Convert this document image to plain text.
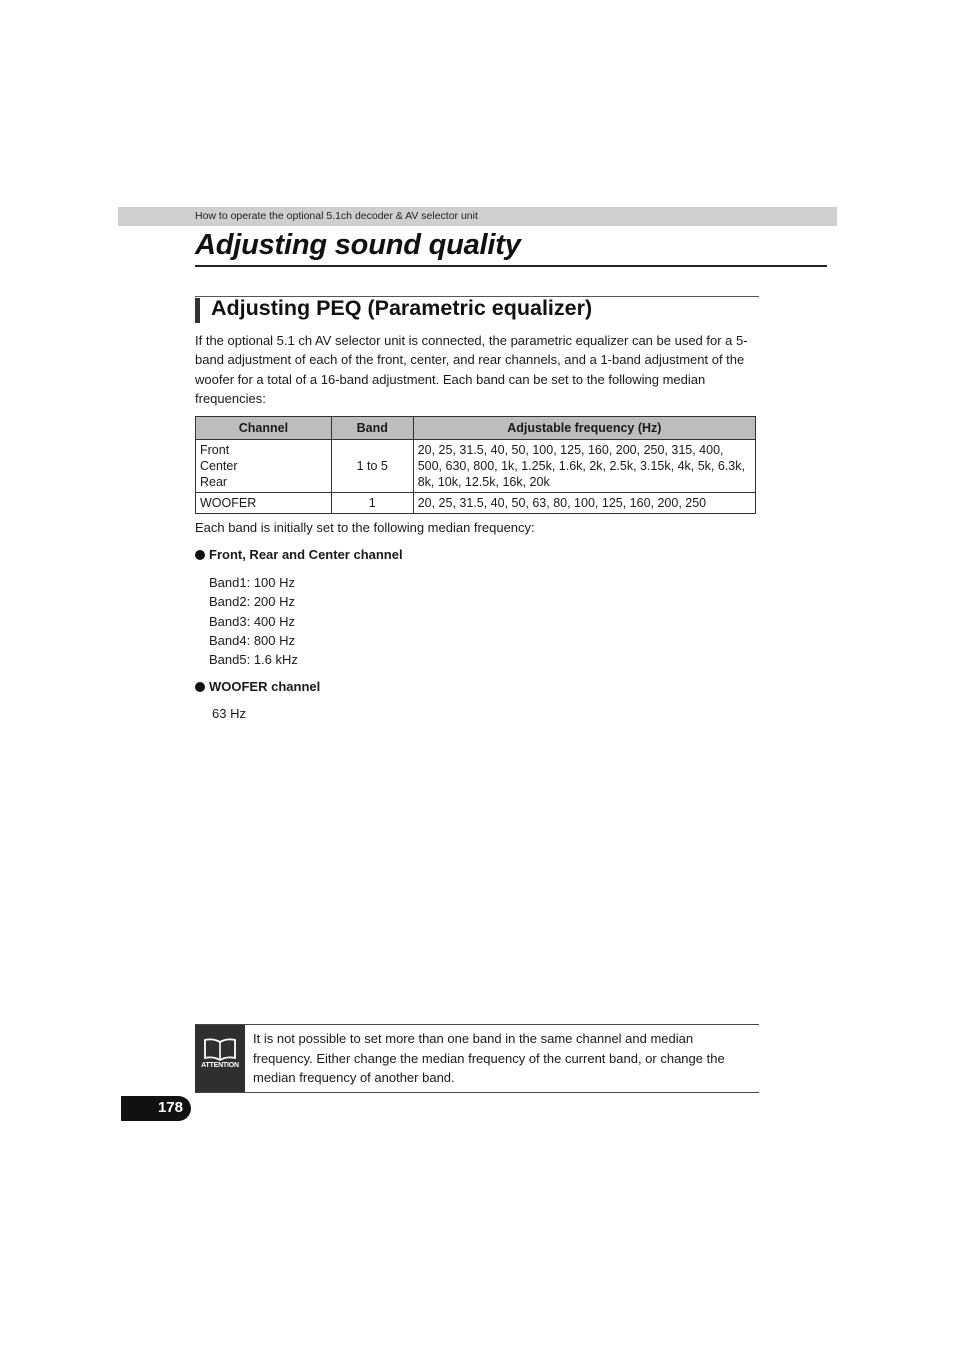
How to operate the optional 5.1ch decoder & AV selector unit
Adjusting sound quality
Adjusting PEQ (Parametric equalizer)

If the optional 5.1 ch AV selector unit is connected, the parametric equalizer can be used for a 5-band adjustment of each of the front, center, and rear channels, and a 1-band adjustment of the woofer for a total of a 16-band adjustment. Each band can be set to the following median frequencies:

Channel	Band	Adjustable frequency (Hz)

Front
Center
Rear	1 to 5	20, 25, 31.5, 40, 50, 100, 125, 160, 200, 250, 315, 400,
500, 630, 800, 1k, 1.25k, 1.6k, 2k, 2.5k, 3.15k, 4k, 5k, 6.3k,
8k, 10k, 12.5k, 16k, 20k

WOOFER	1	20, 25, 31.5, 40, 50, 63, 80, 100, 125, 160, 200, 250

Each band is initially set to the following median frequency:

Front, Rear and Center channel

Band1: 100 Hz
Band2: 200 Hz
Band3: 400 Hz
Band4: 800 Hz
Band5: 1.6 kHz

WOOFER channel

63 Hz

ATTENTION

It is not possible to set more than one band in the same channel and median frequency. Either change the median frequency of the current band, or change the median frequency of another band.

178
